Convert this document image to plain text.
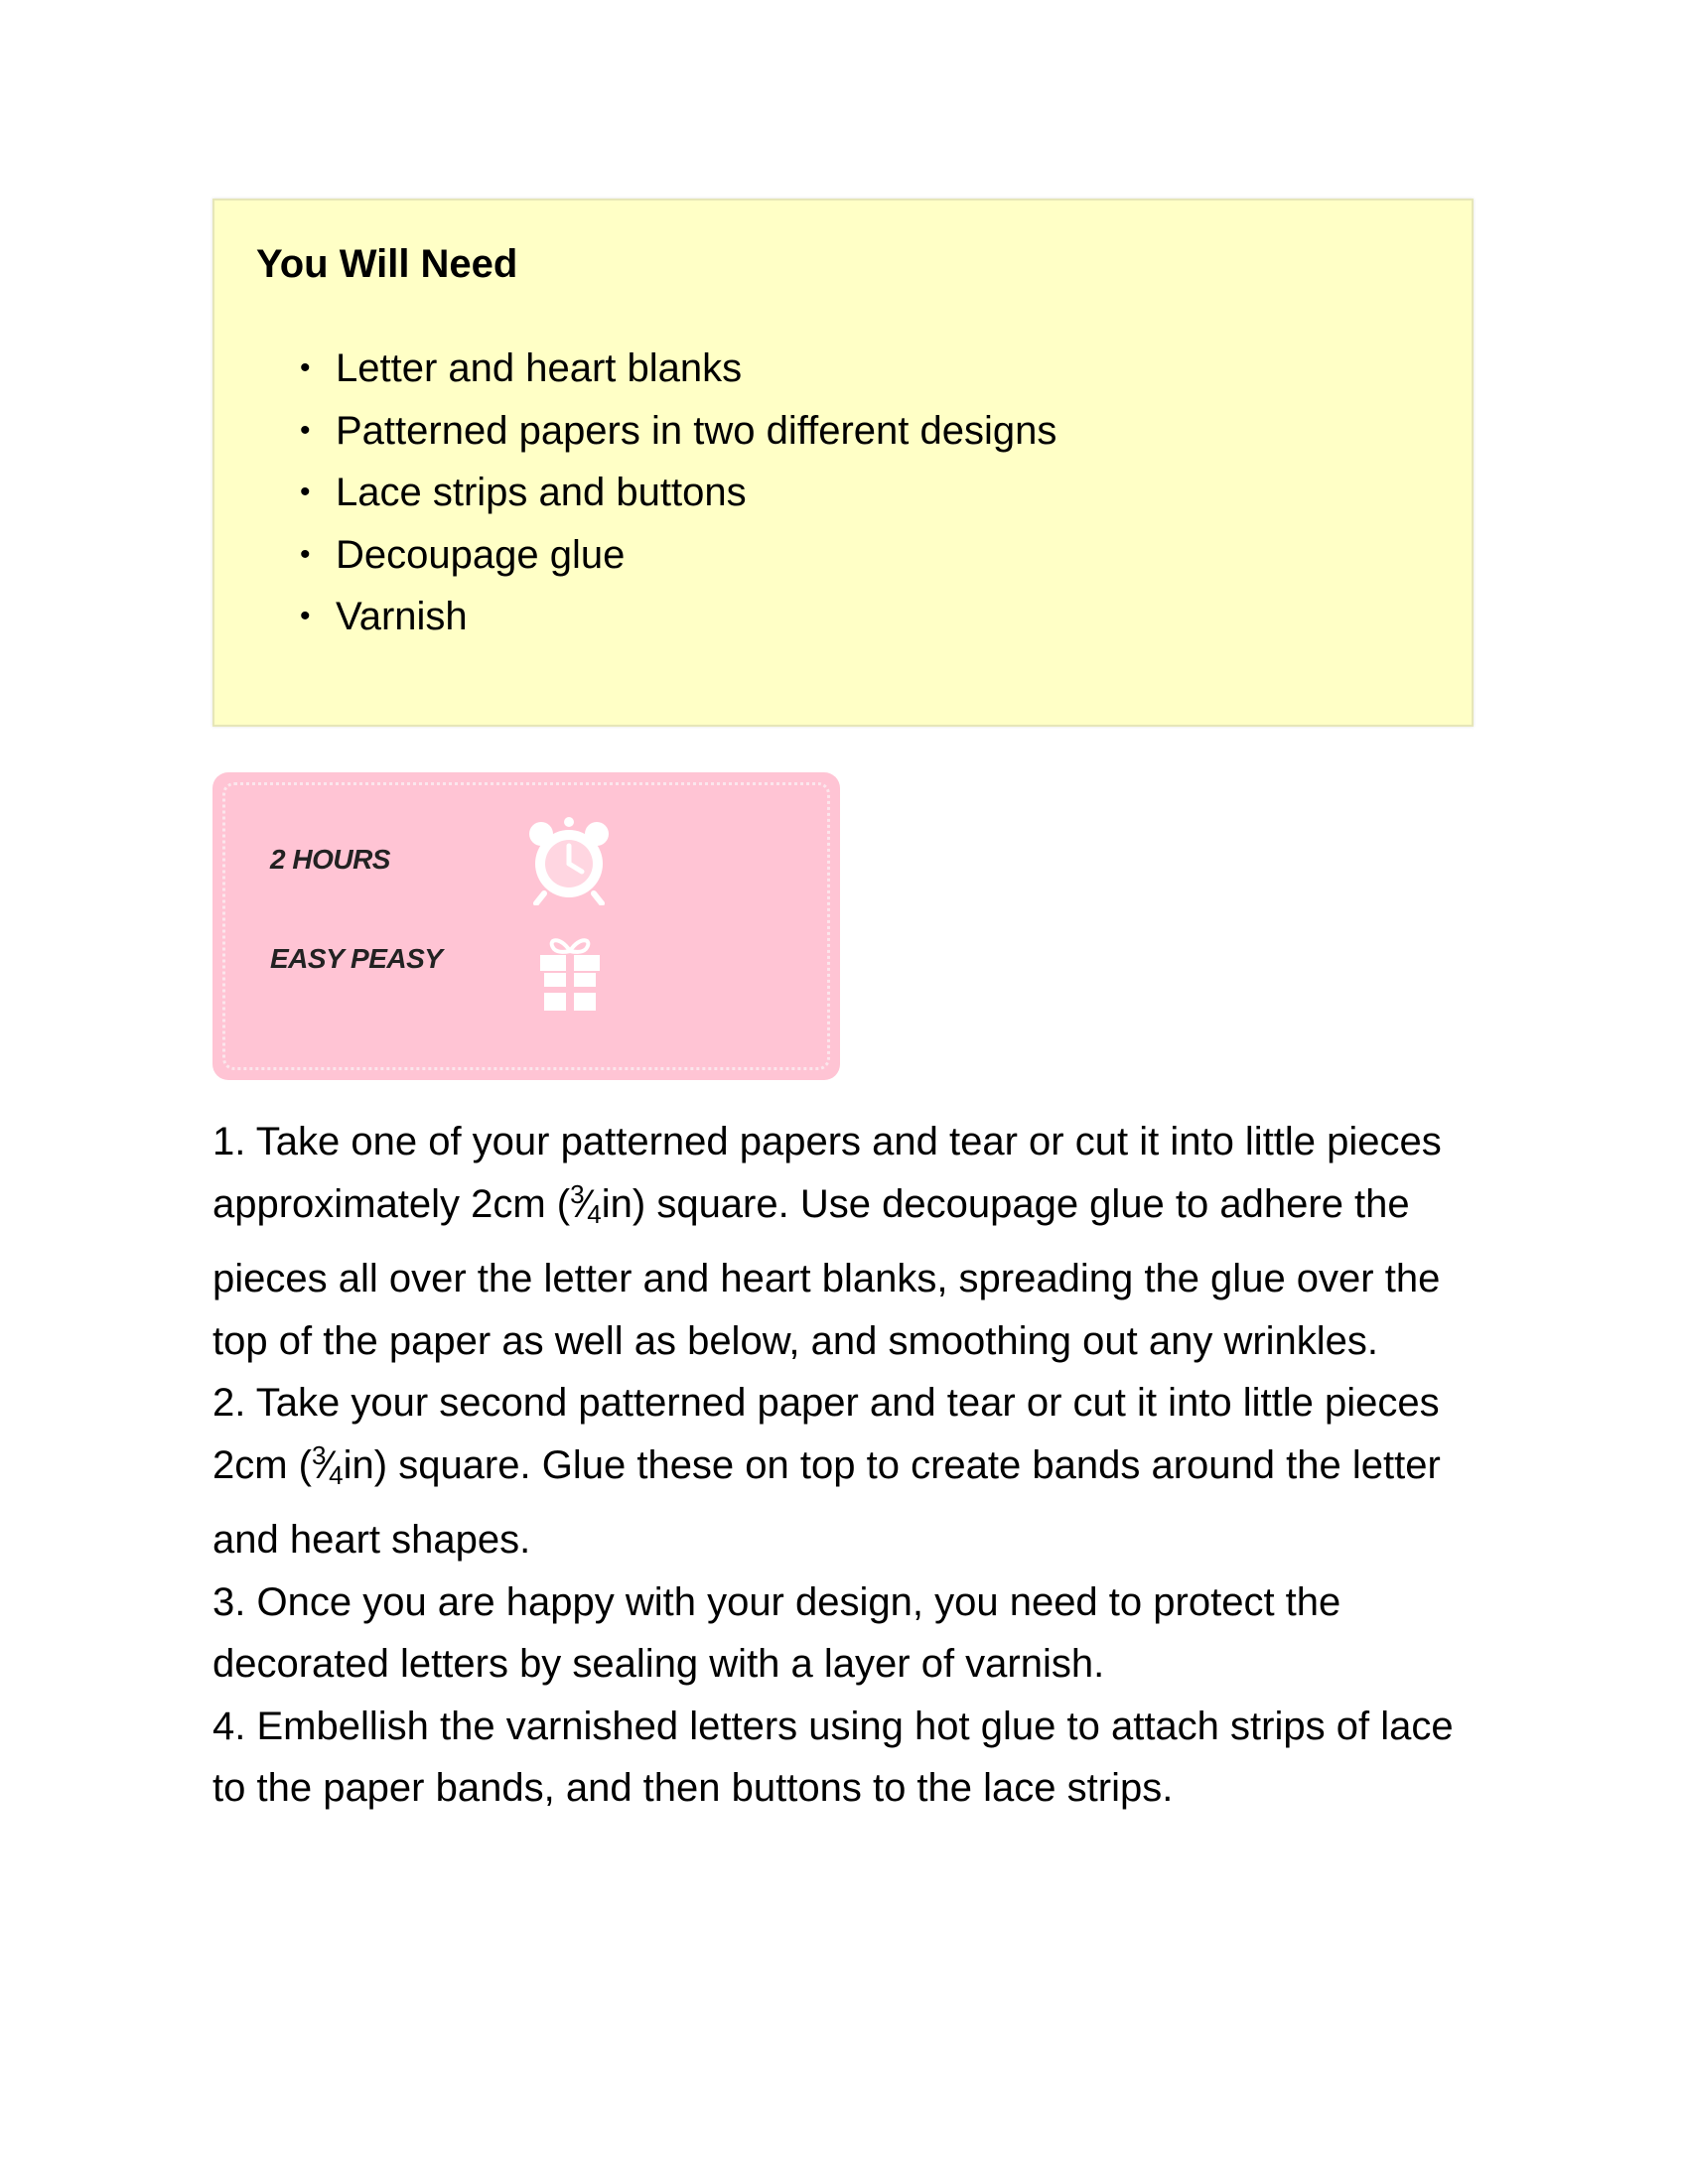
You Will Need
• Letter and heart blanks
• Patterned papers in two different designs
• Lace strips and buttons
• Decoupage glue
• Varnish
2 HOURS
EASY PEASY

1. Take one of your patterned papers and tear or cut it into little pieces approximately 2cm (3⁄4in) square. Use decoupage glue to adhere the pieces all over the letter and heart blanks, spreading the glue over the top of the paper as well as below, and smoothing out any wrinkles.

2. Take your second patterned paper and tear or cut it into little pieces 2cm (3⁄4in) square. Glue these on top to create bands around the letter and heart shapes.

3. Once you are happy with your design, you need to protect the decorated letters by sealing with a layer of varnish.

4. Embellish the varnished letters using hot glue to attach strips of lace to the paper bands, and then buttons to the lace strips.
